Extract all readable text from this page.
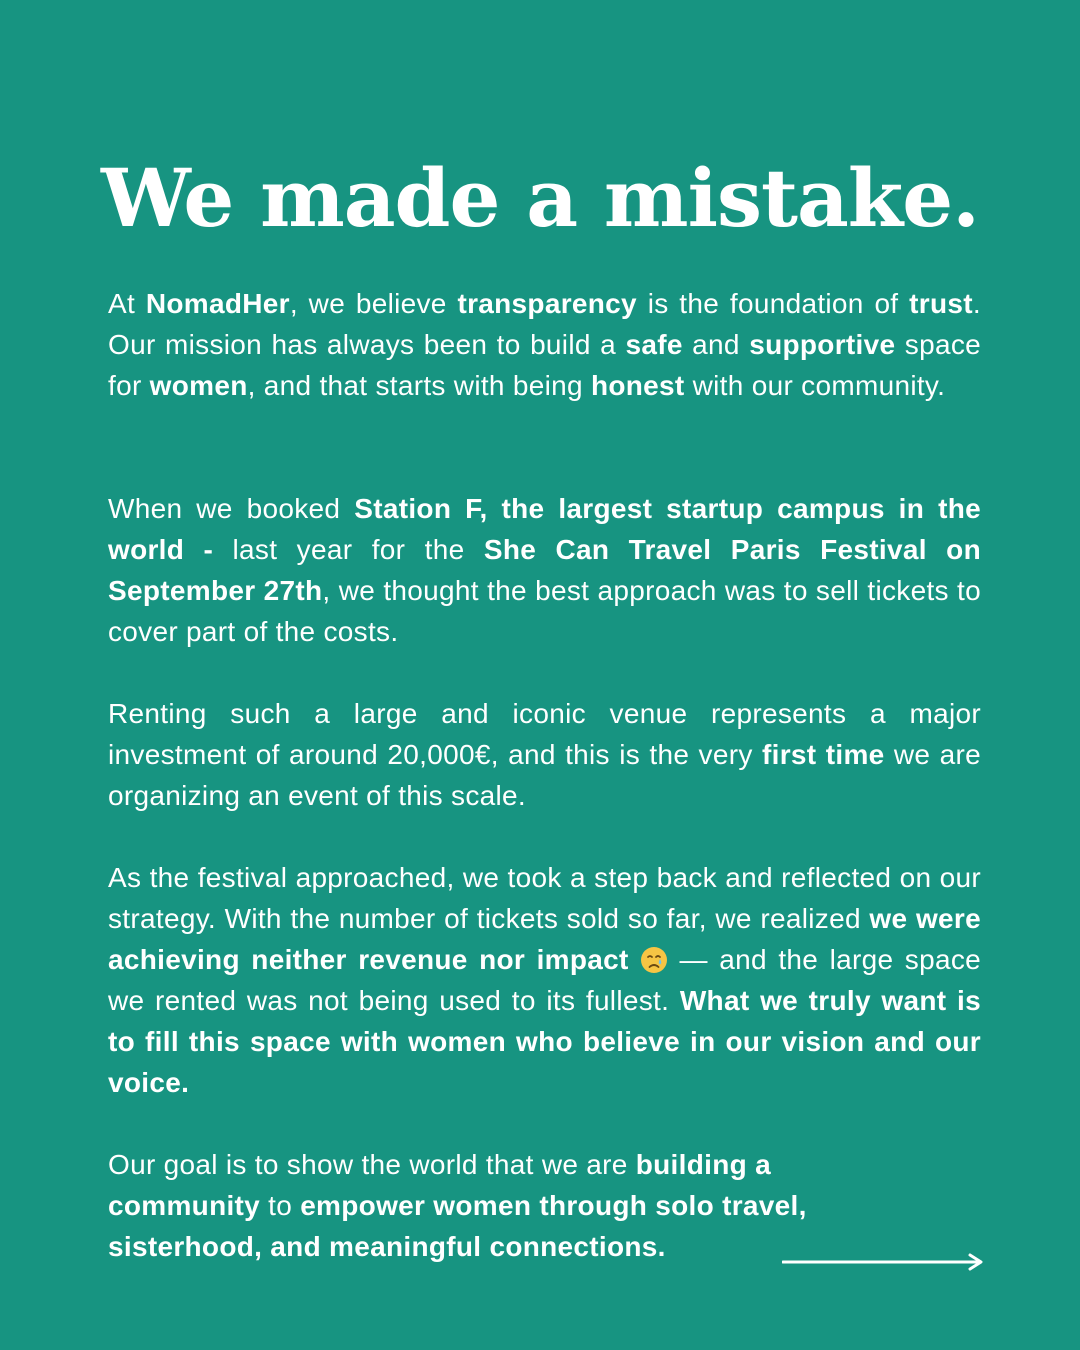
We made a mistake.

At NomadHer, we believe transparency is the foundation of trust. Our mission has always been to build a safe and supportive space for women, and that starts with being honest with our community.

When we booked Station F, the largest startup campus in the world - last year for the She Can Travel Paris Festival on September 27th, we thought the best approach was to sell tickets to cover part of the costs.

Renting such a large and iconic venue represents a major investment of around 20,000€, and this is the very first time we are organizing an event of this scale.

As the festival approached, we took a step back and reflected on our strategy. With the number of tickets sold so far, we realized we were achieving neither revenue nor impact  — and the large space we rented was not being used to its fullest. What we truly want is to fill this space with women who believe in our vision and our voice.

Our goal is to show the world that we are building a community to empower women through solo travel, sisterhood, and meaningful connections.
